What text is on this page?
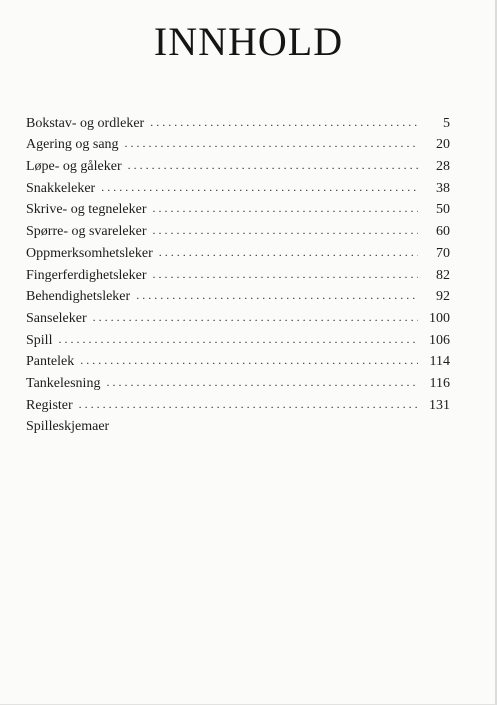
INNHOLD
Bokstav- og ordleker . . .	5
Agering og sang . . .	20
Løpe- og gåleker . . .	28
Snakkeleker . . .	38
Skrive- og tegneleker . . .	50
Spørre- og svareleker . . .	60
Oppmerksomhetsleker . . .	70
Fingerferdighetsleker . . .	82
Behendighetsleker . . .	92
Sanseleker . . .	100
Spill . . .	106
Pantelek . . .	114
Tankelesning . . .	116
Register . . .	131
Spilleskjemaer
